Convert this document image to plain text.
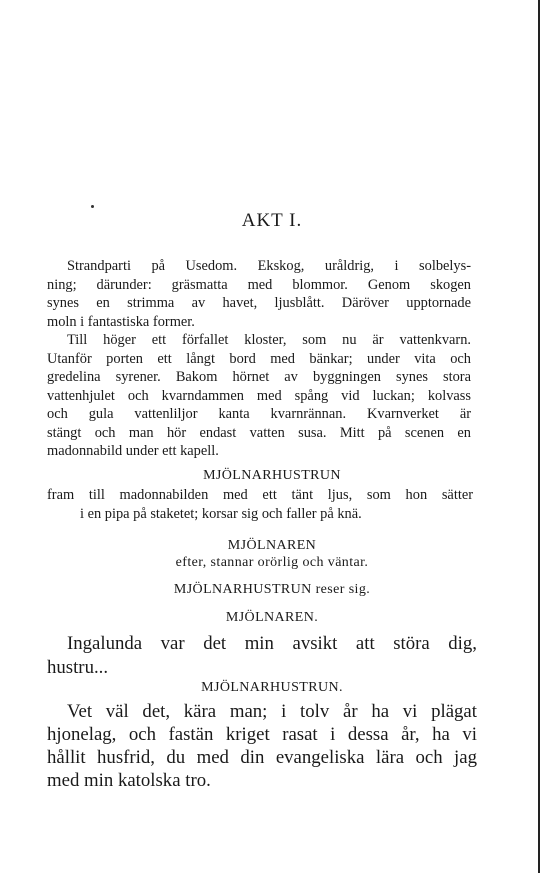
AKT I.
Strandparti på Usedom. Ekskog, uråldrig, i solbelys-
ning; därunder: gräsmatta med blommor. Genom skogen
synes en strimma av havet, ljusblått. Däröver upptornade
moln i fantastiska former.
Till höger ett förfallet kloster, som nu är vattenkvarn.
Utanför porten ett långt bord med bänkar; under vita och
gredelina syrener. Bakom hörnet av byggningen synes stora
vattenhjulet och kvarndammen med spång vid luckan; kolvass
och gula vattenliljor kanta kvarnrännan. Kvarnverket är
stängt och man hör endast vatten susa. Mitt på scenen en
madonnabild under ett kapell.
MJÖLNARHUSTRUN
fram till madonnabilden med ett tänt ljus, som hon sätter
i en pipa på staketet; korsar sig och faller på knä.
MJÖLNAREN
efter, stannar orörlig och väntar.
MJÖLNARHUSTRUN reser sig.
MJÖLNAREN.
Ingalunda var det min avsikt att störa dig,
hustru...
MJÖLNARHUSTRUN.
Vet väl det, kära man; i tolv år ha vi plägat
hjonelag, och fastän kriget rasat i dessa år, ha vi
hållit husfrid, du med din evangeliska lära och jag
med min katolska tro.
